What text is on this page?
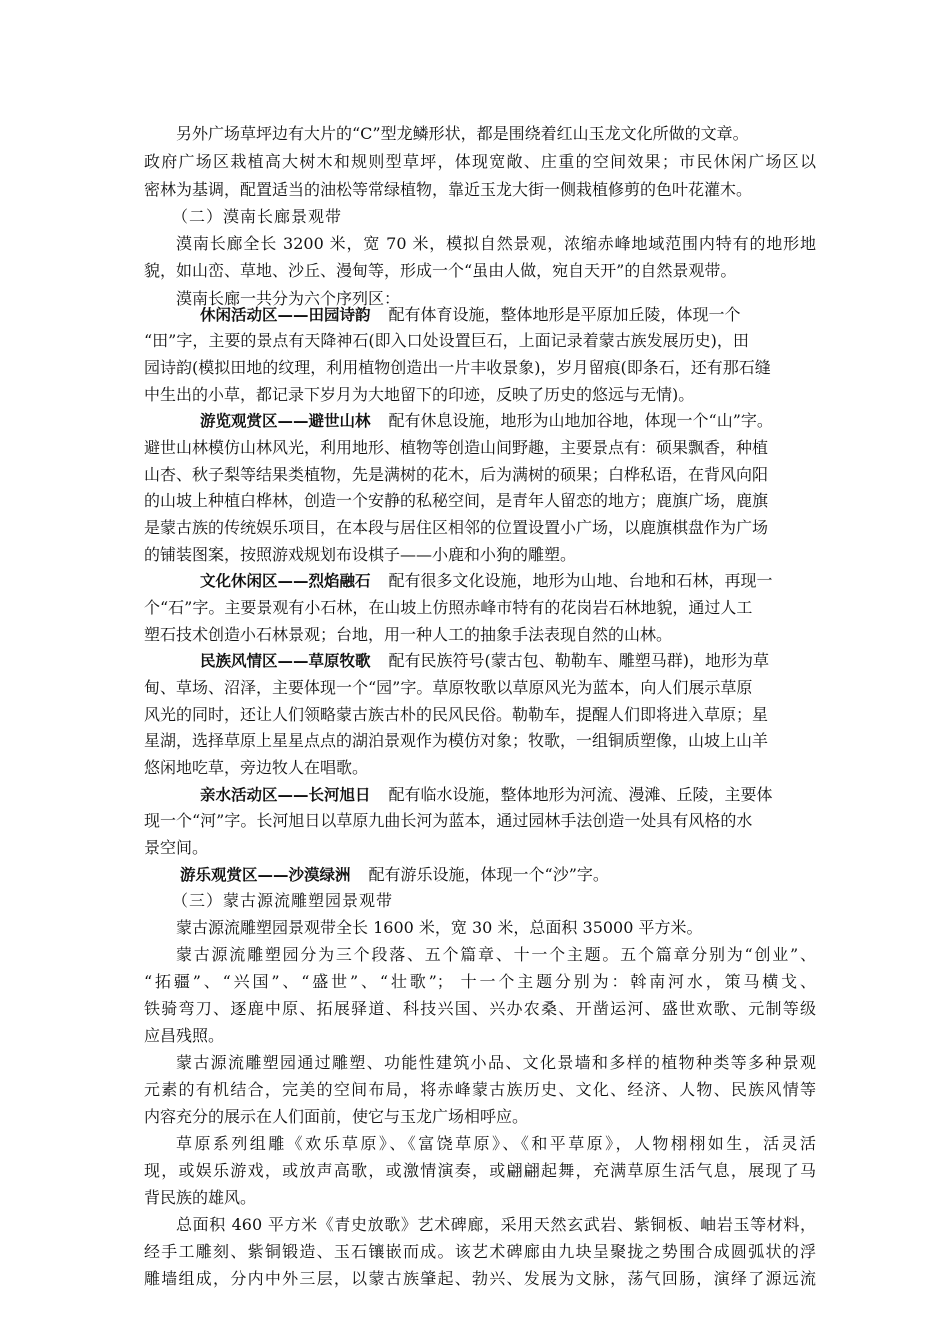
另外广场草坪边有大片的“C”型龙鳞形状，都是围绕着红山玉龙文化所做的文章。
政府广场区栽植高大树木和规则型草坪，体现宽敞、庄重的空间效果；市民休闲广场区以
密林为基调，配置适当的油松等常绿植物，靠近玉龙大街一侧栽植修剪的色叶花灌木。
（二）漠南长廊景观带
漠南长廊全长 3200 米，宽 70 米，模拟自然景观，浓缩赤峰地域范围内特有的地形地
貌，如山峦、草地、沙丘、漫甸等，形成一个“虽由人做，宛自天开”的自然景观带。
漠南长廊一共分为六个序列区：
休闲活动区——田园诗韵 配有体育设施，整体地形是平原加丘陵，体现一个
“田”字，主要的景点有天降神石(即入口处设置巨石，上面记录着蒙古族发展历史)，田
园诗韵(模拟田地的纹理，利用植物创造出一片丰收景象)，岁月留痕(即条石，还有那石缝
中生出的小草，都记录下岁月为大地留下的印迹，反映了历史的悠远与无情)。
游览观赏区——避世山林 配有休息设施，地形为山地加谷地，体现一个“山”字。
避世山林模仿山林风光，利用地形、植物等创造山间野趣，主要景点有：硕果飘香，种植
山杏、秋子梨等结果类植物，先是满树的花木，后为满树的硕果；白桦私语，在背风向阳
的山坡上种植白桦林，创造一个安静的私秘空间，是青年人留恋的地方；鹿旗广场，鹿旗
是蒙古族的传统娱乐项目，在本段与居住区相邻的位置设置小广场，以鹿旗棋盘作为广场
的铺装图案，按照游戏规划布设棋子——小鹿和小狗的雕塑。
文化休闲区——烈焰融石 配有很多文化设施，地形为山地、台地和石林，再现一
个“石”字。主要景观有小石林，在山坡上仿照赤峰市特有的花岗岩石林地貌，通过人工
塑石技术创造小石林景观；台地，用一种人工的抽象手法表现自然的山林。
民族风情区——草原牧歌 配有民族符号(蒙古包、勒勒车、雕塑马群)，地形为草
甸、草场、沼泽，主要体现一个“园”字。草原牧歌以草原风光为蓝本，向人们展示草原
风光的同时，还让人们领略蒙古族古朴的民风民俗。勒勒车，提醒人们即将进入草原；星
星湖，选择草原上星星点点的湖泊景观作为模仿对象；牧歌，一组铜质塑像，山坡上山羊
悠闲地吃草，旁边牧人在唱歌。
亲水活动区——长河旭日 配有临水设施，整体地形为河流、漫滩、丘陵，主要体
现一个“河”字。长河旭日以草原九曲长河为蓝本，通过园林手法创造一处具有风格的水
景空间。
游乐观赏区——沙漠绿洲 配有游乐设施，体现一个“沙”字。
（三）蒙古源流雕塑园景观带
蒙古源流雕塑园景观带全长 1600 米，宽 30 米，总面积 35000 平方米。
蒙古源流雕塑园分为三个段落、五个篇章、十一个主题。五个篇章分别为“创业”、
“拓疆”、“兴国”、“盛世”、“壮歌”； 十一个主题分别为：斡南河水，策马横戈、
铁骑弯刀、逐鹿中原、拓展驿道、科技兴国、兴办农桑、开凿运河、盛世欢歌、元制等级
应昌残照。
蒙古源流雕塑园通过雕塑、功能性建筑小品、文化景墙和多样的植物种类等多种景观
元素的有机结合，完美的空间布局，将赤峰蒙古族历史、文化、经济、人物、民族风情等
内容充分的展示在人们面前，使它与玉龙广场相呼应。
草原系列组雕《欢乐草原》、《富饶草原》、《和平草原》，人物栩栩如生，活灵活
现，或娱乐游戏，或放声高歌，或激情演奏，或翩翩起舞，充满草原生活气息，展现了马
背民族的雄风。
总面积 460 平方米《青史放歌》艺术碑廊，采用天然玄武岩、紫铜板、岫岩玉等材料，
经手工雕刻、紫铜锻造、玉石镶嵌而成。该艺术碑廊由九块呈聚拢之势围合成圆弧状的浮
雕墙组成，分内中外三层，以蒙古族肇起、勃兴、发展为文脉，荡气回肠，演绎了源远流
